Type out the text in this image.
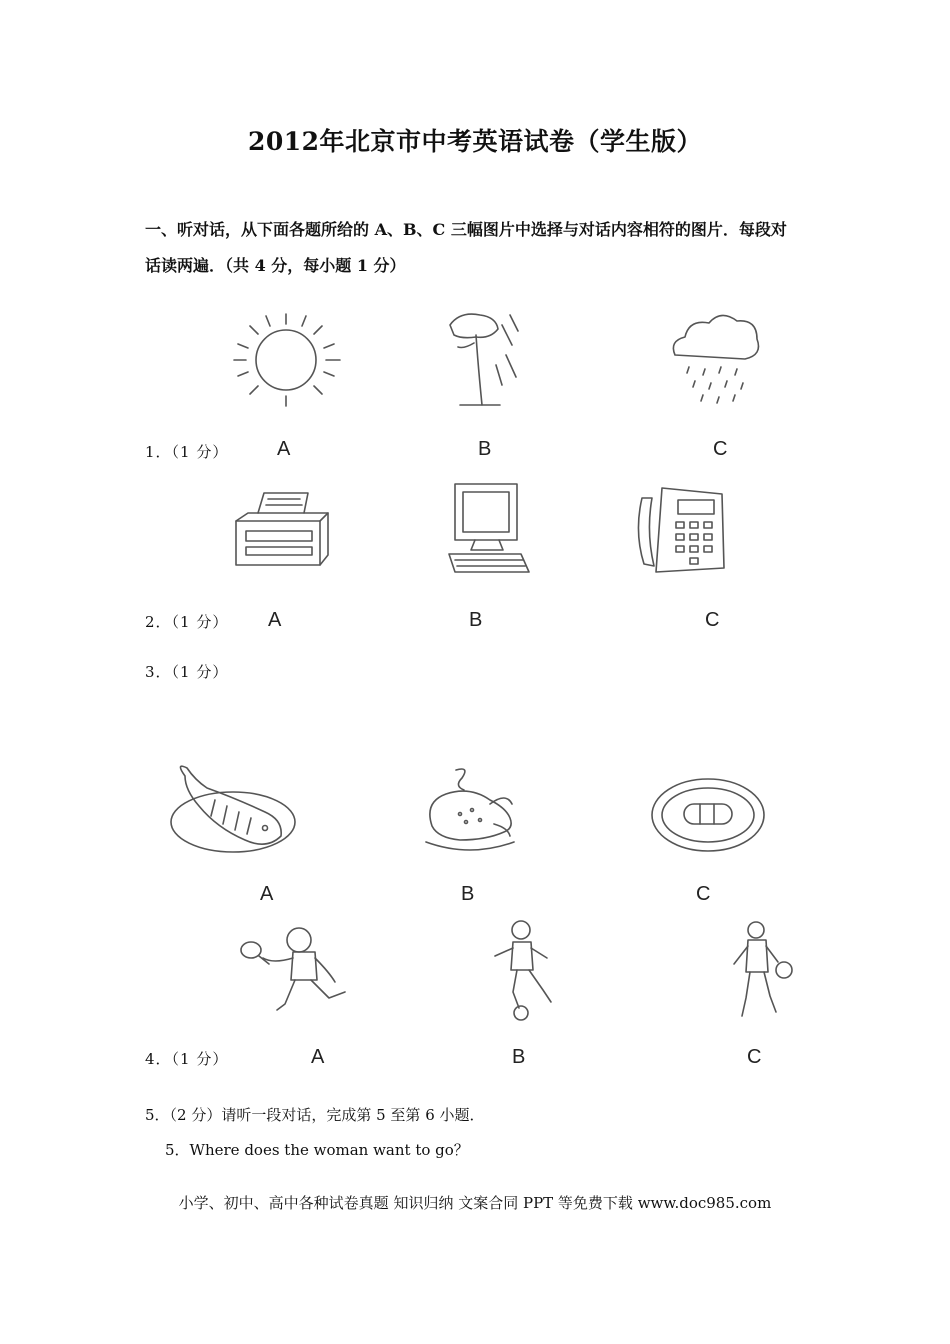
2012年北京市中考英语试卷（学生版）
一、听对话，从下面各题所给的 A、B、C 三幅图片中选择与对话内容相符的图片．每段对
话读两遍．（共 4 分，每小题 1 分）
1．（1 分） A	B	C
2．（1 分） A	B	C
3．（1 分）
A	B	C
4．（1 分）	A	B	C
5．（2 分）请听一段对话，完成第 5 至第 6 小题．
5．Where does the woman want to go？
小学、初中、高中各种试卷真题 知识归纳 文案合同 PPT 等免费下载 www.doc985.com
